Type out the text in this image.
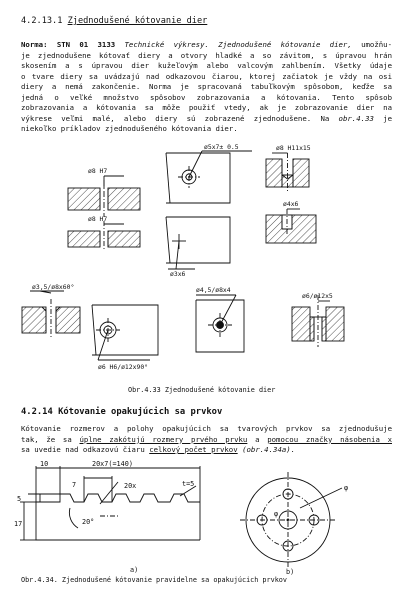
4.2.13.1 Zjednodušené kótovanie dier
Norma: STN 01 3133 Technické výkresy. Zjednodušené kótovanie dier, umožňu-
je zjednodušene kótovať diery a otvory hladké a so závitom, s úpravou hrán
skosením a s úpravou dier kužeľovým alebo valcovým zahlbením. Všetky údaje
o tvare diery sa uvádzajú nad odkazovou čiarou, ktorej začiatok je vždy na osi
diery a nemá zakončenie. Norma je spracovaná tabuľkovým spôsobom, keďže sa
jedná o veľké množstvo spôsobov zobrazovania a kótovania. Tento spôsob
zobrazovania a kótovania sa môže použiť vtedy, ak je zobrazovanie dier na
výkrese veľmi malé, alebo diery sú zobrazené zjednodušene. Na obr.4.33 je
niekoľko príkladov zjednodušeného kótovania dier.
ø8 H7
ø5x7± 0.5	ø8 H11x15
ø8 H7
ø4x6
ø3x6
ø3,5/ø8x60°	ø4,5/ø8x4
ø6/ø12x5
ø6 H6/ø12x90°
Obr.4.33 Zjednodušené kótovanie dier
4.2.14 Kótovanie opakujúcich sa prvkov
Kótovanie rozmerov a polohy opakujúcich sa tvarových prvkov sa zjednodušuje
tak, že sa úplne zakótujú rozmery prvého prvku a pomocou značky násobenia x
sa uvedie nad odkazovú čiaru celkový počet prvkov (obr.4.34a).
10	20x7(=140)
7	20x
5
17	20°
t=5	φ
φ
a)	b)
Obr.4.34. Zjednodušené kótovanie pravidelne sa opakujúcich prvkov
